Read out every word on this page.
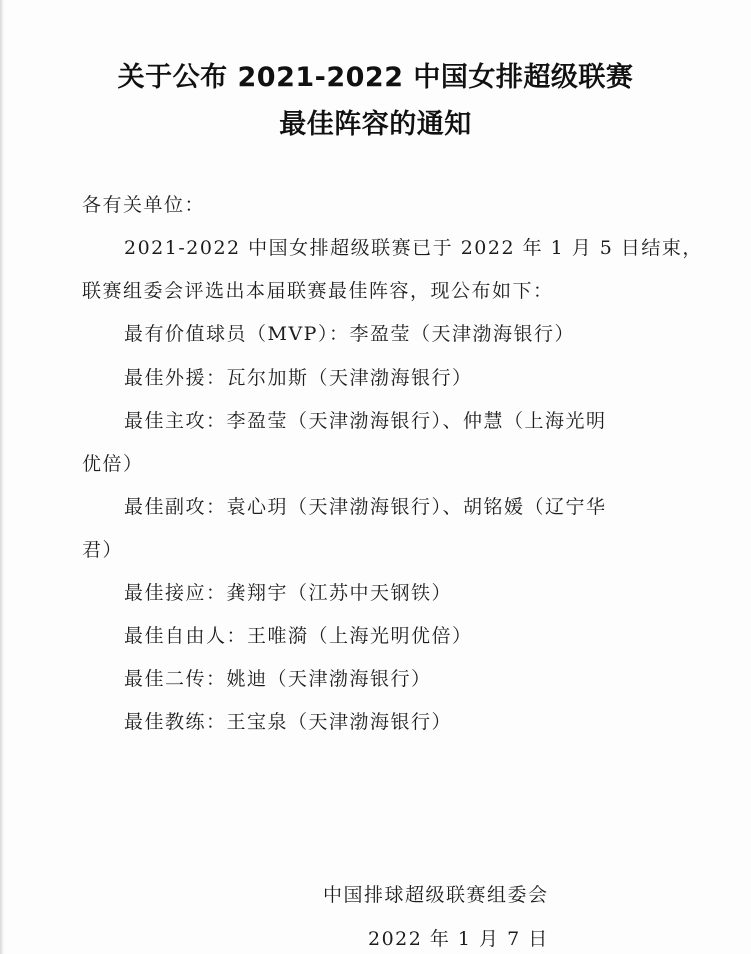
关于公布 2021-2022 中国女排超级联赛
最佳阵容的通知
各有关单位：
2021-2022 中国女排超级联赛已于 2022 年 1 月 5 日结束，
联赛组委会评选出本届联赛最佳阵容，现公布如下：
最有价值球员（MVP） ： 李盈莹（天津渤海银行）
最佳外援 ： 瓦尔加斯（天津渤海银行）
最佳主攻 ： 李盈莹（天津渤海银行）、仲慧（上海光明
优倍）
最佳副攻 ： 袁心玥（天津渤海银行）、胡铭媛（辽宁华
君）
最佳接应 ： 龚翔宇（江苏中天钢铁）
最佳自由人 ： 王唯漪（上海光明优倍）
最佳二传 ： 姚迪（天津渤海银行）
最佳教练 ： 王宝泉（天津渤海银行）
中国排球超级联赛组委会
2022 年 1 月 7 日
